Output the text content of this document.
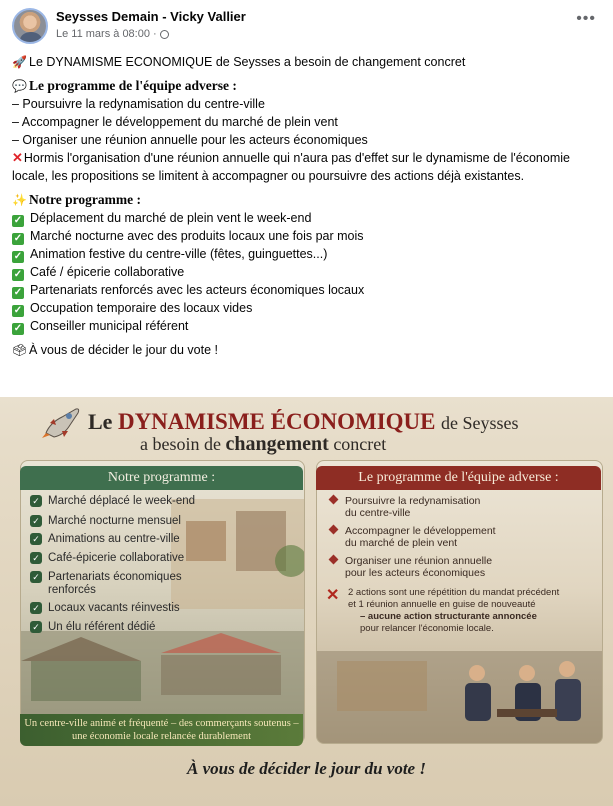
Seysses Demain - Vicky Vallier
Le 11 mars à 08:00 ·
•••
🚀 Le DYNAMISME ECONOMIQUE de Seysses a besoin de changement concret
💬 Le programme de l'équipe adverse :
– Poursuivre la redynamisation du centre-ville
– Accompagner le développement du marché de plein vent
– Organiser une réunion annuelle pour les acteurs économiques
✕Hormis l'organisation d'une réunion annuelle qui n'aura pas d'effet sur le dynamisme de l'économie locale, les propositions se limitent à accompagner ou poursuivre des actions déjà existantes.
✨ Notre programme :
✓ Déplacement du marché de plein vent le week-end
✓ Marché nocturne avec des produits locaux une fois par mois
✓ Animation festive du centre-ville (fêtes, guinguettes...)
✓ Café / épicerie collaborative
✓ Partenariats renforcés avec les acteurs économiques locaux
✓ Occupation temporaire des locaux vides
✓ Conseiller municipal référent
🗳 À vous de décider le jour du vote !
Le DYNAMISME ÉCONOMIQUE de Seysses
a besoin de changement concret
Notre programme :
✓ Marché déplacé le week-end
✓ Marché nocturne mensuel
✓ Animations au centre-ville
✓ Café-épicerie collaborative
✓ Partenariats économiques
renforcés
✓ Locaux vacants réinvestis
✓ Un élu référent dédié
Un centre-ville animé et fréquenté – des commerçants soutenus –
une économie locale relancée durablement
Le programme de l'équipe adverse :
Poursuivre la redynamisation
du centre-ville
Accompagner le développement
du marché de plein vent
Organiser une réunion annuelle
pour les acteurs économiques
✕ 2 actions sont une répétition du mandat précédent
et 1 réunion annuelle en guise de nouveauté
– aucune action structurante annoncée
pour relancer l'économie locale.
À vous de décider le jour du vote !
